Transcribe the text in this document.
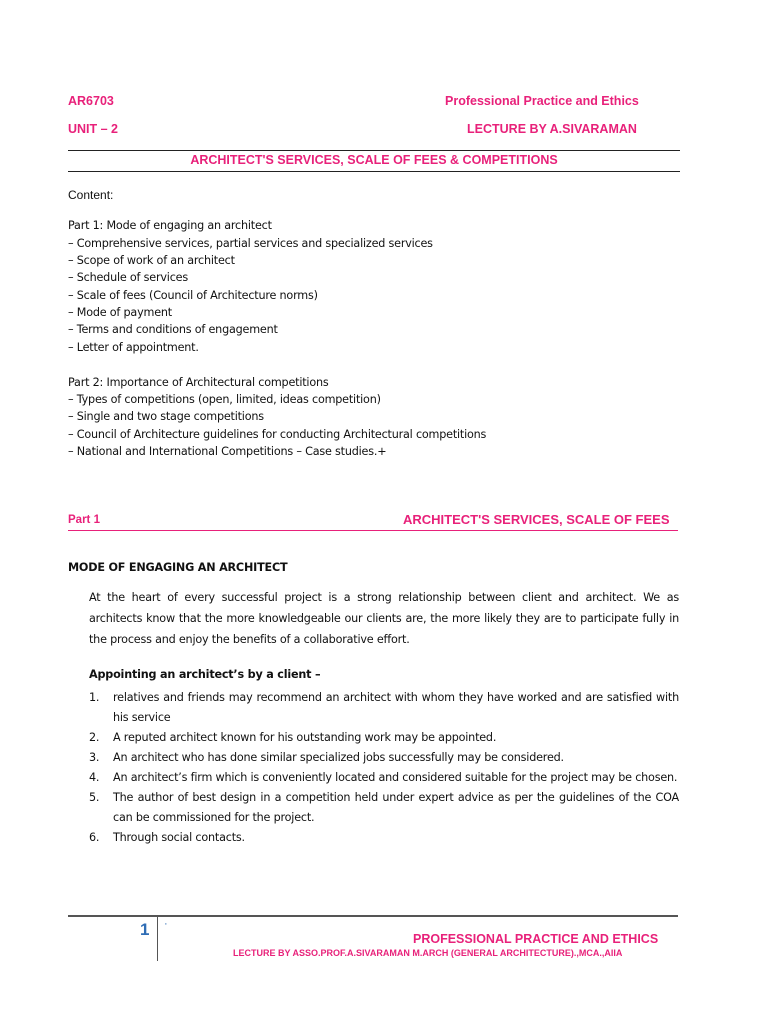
AR6703	Professional Practice and Ethics
UNIT – 2	LECTURE BY A.SIVARAMAN
ARCHITECT'S SERVICES, SCALE OF FEES & COMPETITIONS
Content:
Part 1: Mode of engaging an architect
– Comprehensive services, partial services and specialized services
– Scope of work of an architect
– Schedule of services
– Scale of fees (Council of Architecture norms)
– Mode of payment
– Terms and conditions of engagement
– Letter of appointment.
Part 2: Importance of Architectural competitions
– Types of competitions (open, limited, ideas competition)
– Single and two stage competitions
– Council of Architecture guidelines for conducting Architectural competitions
– National and International Competitions – Case studies.+
Part 1	ARCHITECT'S SERVICES, SCALE OF FEES
MODE OF ENGAGING AN ARCHITECT
At the heart of every successful project is a strong relationship between client and architect. We as architects know that the more knowledgeable our clients are, the more likely they are to participate fully in the process and enjoy the benefits of a collaborative effort.
Appointing an architect’s by a client –
1. relatives and friends may recommend an architect with whom they have worked and are satisfied with his service
2. A reputed architect known for his outstanding work may be appointed.
3. An architect who has done similar specialized jobs successfully may be considered.
4. An architect’s firm which is conveniently located and considered suitable for the project may be chosen.
5. The author of best design in a competition held under expert advice as per the guidelines of the COA can be commissioned for the project.
6. Through social contacts.
1 ·
PROFESSIONAL PRACTICE AND ETHICS
LECTURE BY ASSO.PROF.A.SIVARAMAN M.ARCH (GENERAL ARCHITECTURE).,MCA.,AIIA
